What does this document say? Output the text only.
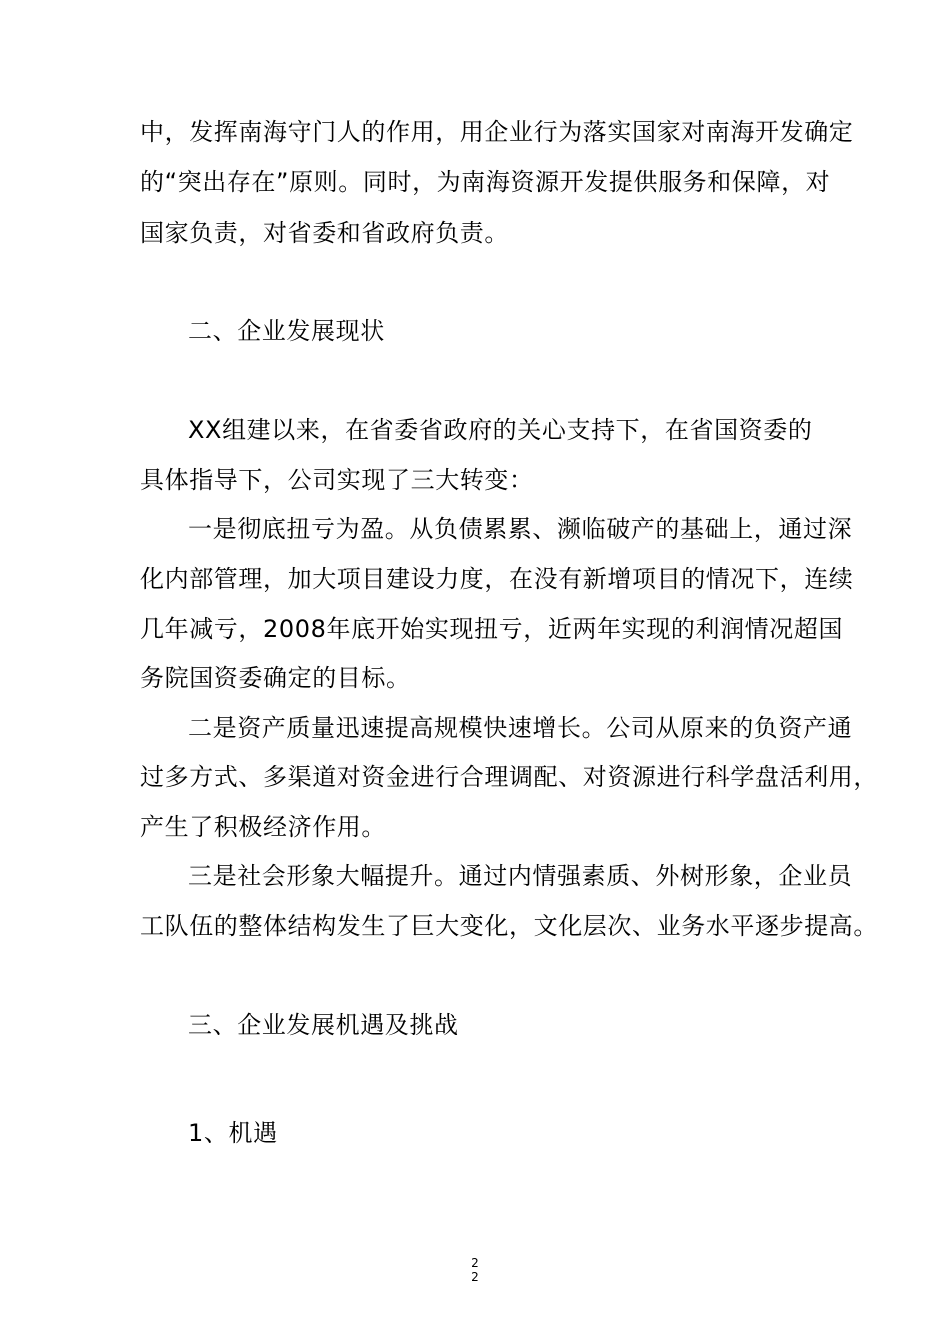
中，发挥南海守门人的作用，用企业行为落实国家对南海开发确定
的“突出存在”原则。同时，为南海资源开发提供服务和保障，对
国家负责，对省委和省政府负责。
二、企业发展现状
XX组建以来，在省委省政府的关心支持下，在省国资委的
具体指导下，公司实现了三大转变：
一是彻底扭亏为盈。从负债累累、濒临破产的基础上，通过深
化内部管理，加大项目建设力度，在没有新增项目的情况下，连续
几年减亏，2008年底开始实现扭亏，近两年实现的利润情况超国
务院国资委确定的目标。
二是资产质量迅速提高规模快速增长。公司从原来的负资产通
过多方式、多渠道对资金进行合理调配、对资源进行科学盘活利用，
产生了积极经济作用。
三是社会形象大幅提升。通过内情强素质、外树形象，企业员
工队伍的整体结构发生了巨大变化，文化层次、业务水平逐步提高。
三、企业发展机遇及挑战
1、机遇
2
2
